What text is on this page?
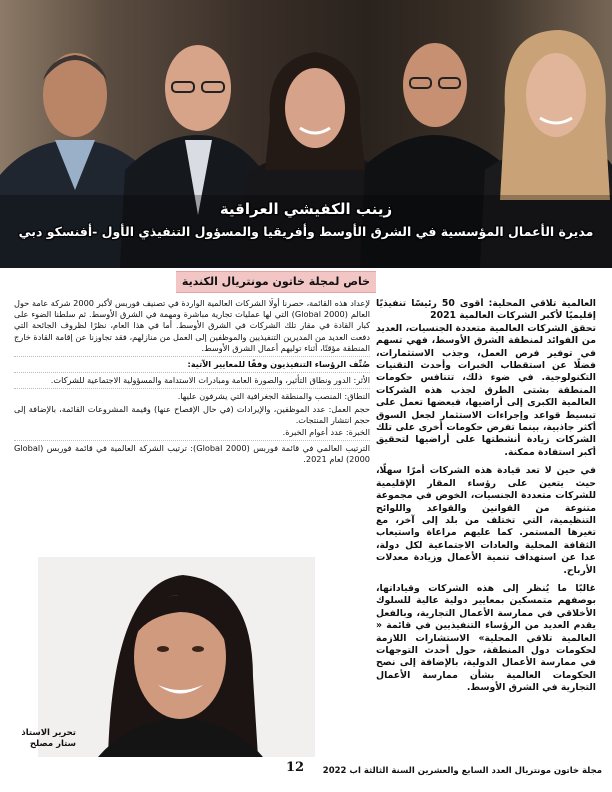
زينب الكفيشي العراقية
مديرة الأعمال المؤسسية في الشرق الأوسط وأفريقيا والمسؤول التنفيذي الأول -أفنسكو دبي
خاص لمجلة خاتون مونتريال الكندية

العالمية تلاقي المحلية: أقوى 50 رئيسًا تنفيذيًا إقليميًا لأكبر الشركات العالمية 2021

تحقق الشركات العالمية متعددة الجنسيات، العديد من الفوائد لمنطقة الشرق الأوسط، فهي تسهم في توفير فرص العمل، وجذب الاستثمارات، فضلًا عن استقطاب الخبرات وأحدث التقنيات التكنولوجية. في ضوء ذلك، تتنافس حكومات المنطقة بشتى الطرق لجذب هذه الشركات العالمية الكبرى إلى أراضيها، فبعضها تعمل على تبسيط قواعد وإجراءات الاستثمار لجعل السوق أكثر جاذبية، بينما تفرض حكومات أخرى على تلك الشركات زيادة أنشطتها على أراضيها لتحقيق أكبر استفادة ممكنة.

في حين لا تعد قيادة هذه الشركات أمرًا سهلًا، حيث يتعين على رؤساء المقار الإقليمية للشركات متعددة الجنسيات، الخوض في مجموعة متنوعة من القوانين والقواعد واللوائح التنظيمية، التي تختلف من بلد إلى آخر، مع تغيرها المستمر. كما عليهم مراعاة واستيعاب الثقافة المحلية والعادات الاجتماعية لكل دولة، عدا عن استهداف تنمية الأعمال وزيادة معدلات الأرباح.

غالبًا ما يُنظر إلى هذه الشركات وقياداتها، بوصفهم متمسكين بمعايير دولية عالية للسلوك الأخلاقي في ممارسة الأعمال التجارية، وبالفعل يقدم العديد من الرؤساء التنفيذيين في قائمة « العالمية تلاقي المحلية» الاستشارات اللازمة لحكومات دول المنطقة، حول أحدث التوجهات في ممارسة الأعمال الدولية، بالإضافة إلى نصح الحكومات العالمية بشأن ممارسة الأعمال التجارية في الشرق الأوسط.

لإعداد هذه القائمة، حصرنا أولًا الشركات العالمية الواردة في تصنيف فوربس لأكبر 2000 شركة عامة حول العالم (Global 2000) التي لها عمليات تجارية مباشرة ومهمة في الشرق الأوسط. ثم سلطنا الضوء على كبار القادة في مقار تلك الشركات في الشرق الأوسط. أما في هذا العام، نظرًا لظروف الجائحة التي دفعت العديد من المديرين التنفيذيين والموظفين إلى العمل من منازلهم، فقد تجاوزنا عن إقامة القادة خارج المنطقة مؤقتًا، أثناء توليهم أعمال الشرق الأوسط.

صُنِّف الرؤساء التنفيذيون وفقًا للمعايير الآتية:

الأثر: الدور ونطاق التأثير، والصورة العامة ومبادرات الاستدامة والمسؤولية الاجتماعية للشركات.

النطاق: المنصب والمنطقة الجغرافية التي يشرفون عليها.

حجم العمل: عدد الموظفين، والإيرادات (في حال الإفصاح عنها) وقيمة المشروعات القائمة، بالإضافة إلى حجم انتشار المنتجات.

الخبرة: عدد أعوام الخبرة.

الترتيب العالمي في قائمة فوربس (Global 2000): ترتيب الشركة العالمية في قائمة فوربس (Global 2000) لعام 2021.

تحرير الاستاذ
ستار مصلح
12 مجلة خاتون مونتريال العدد السابع والعشرين السنة الثالثة اب 2022
